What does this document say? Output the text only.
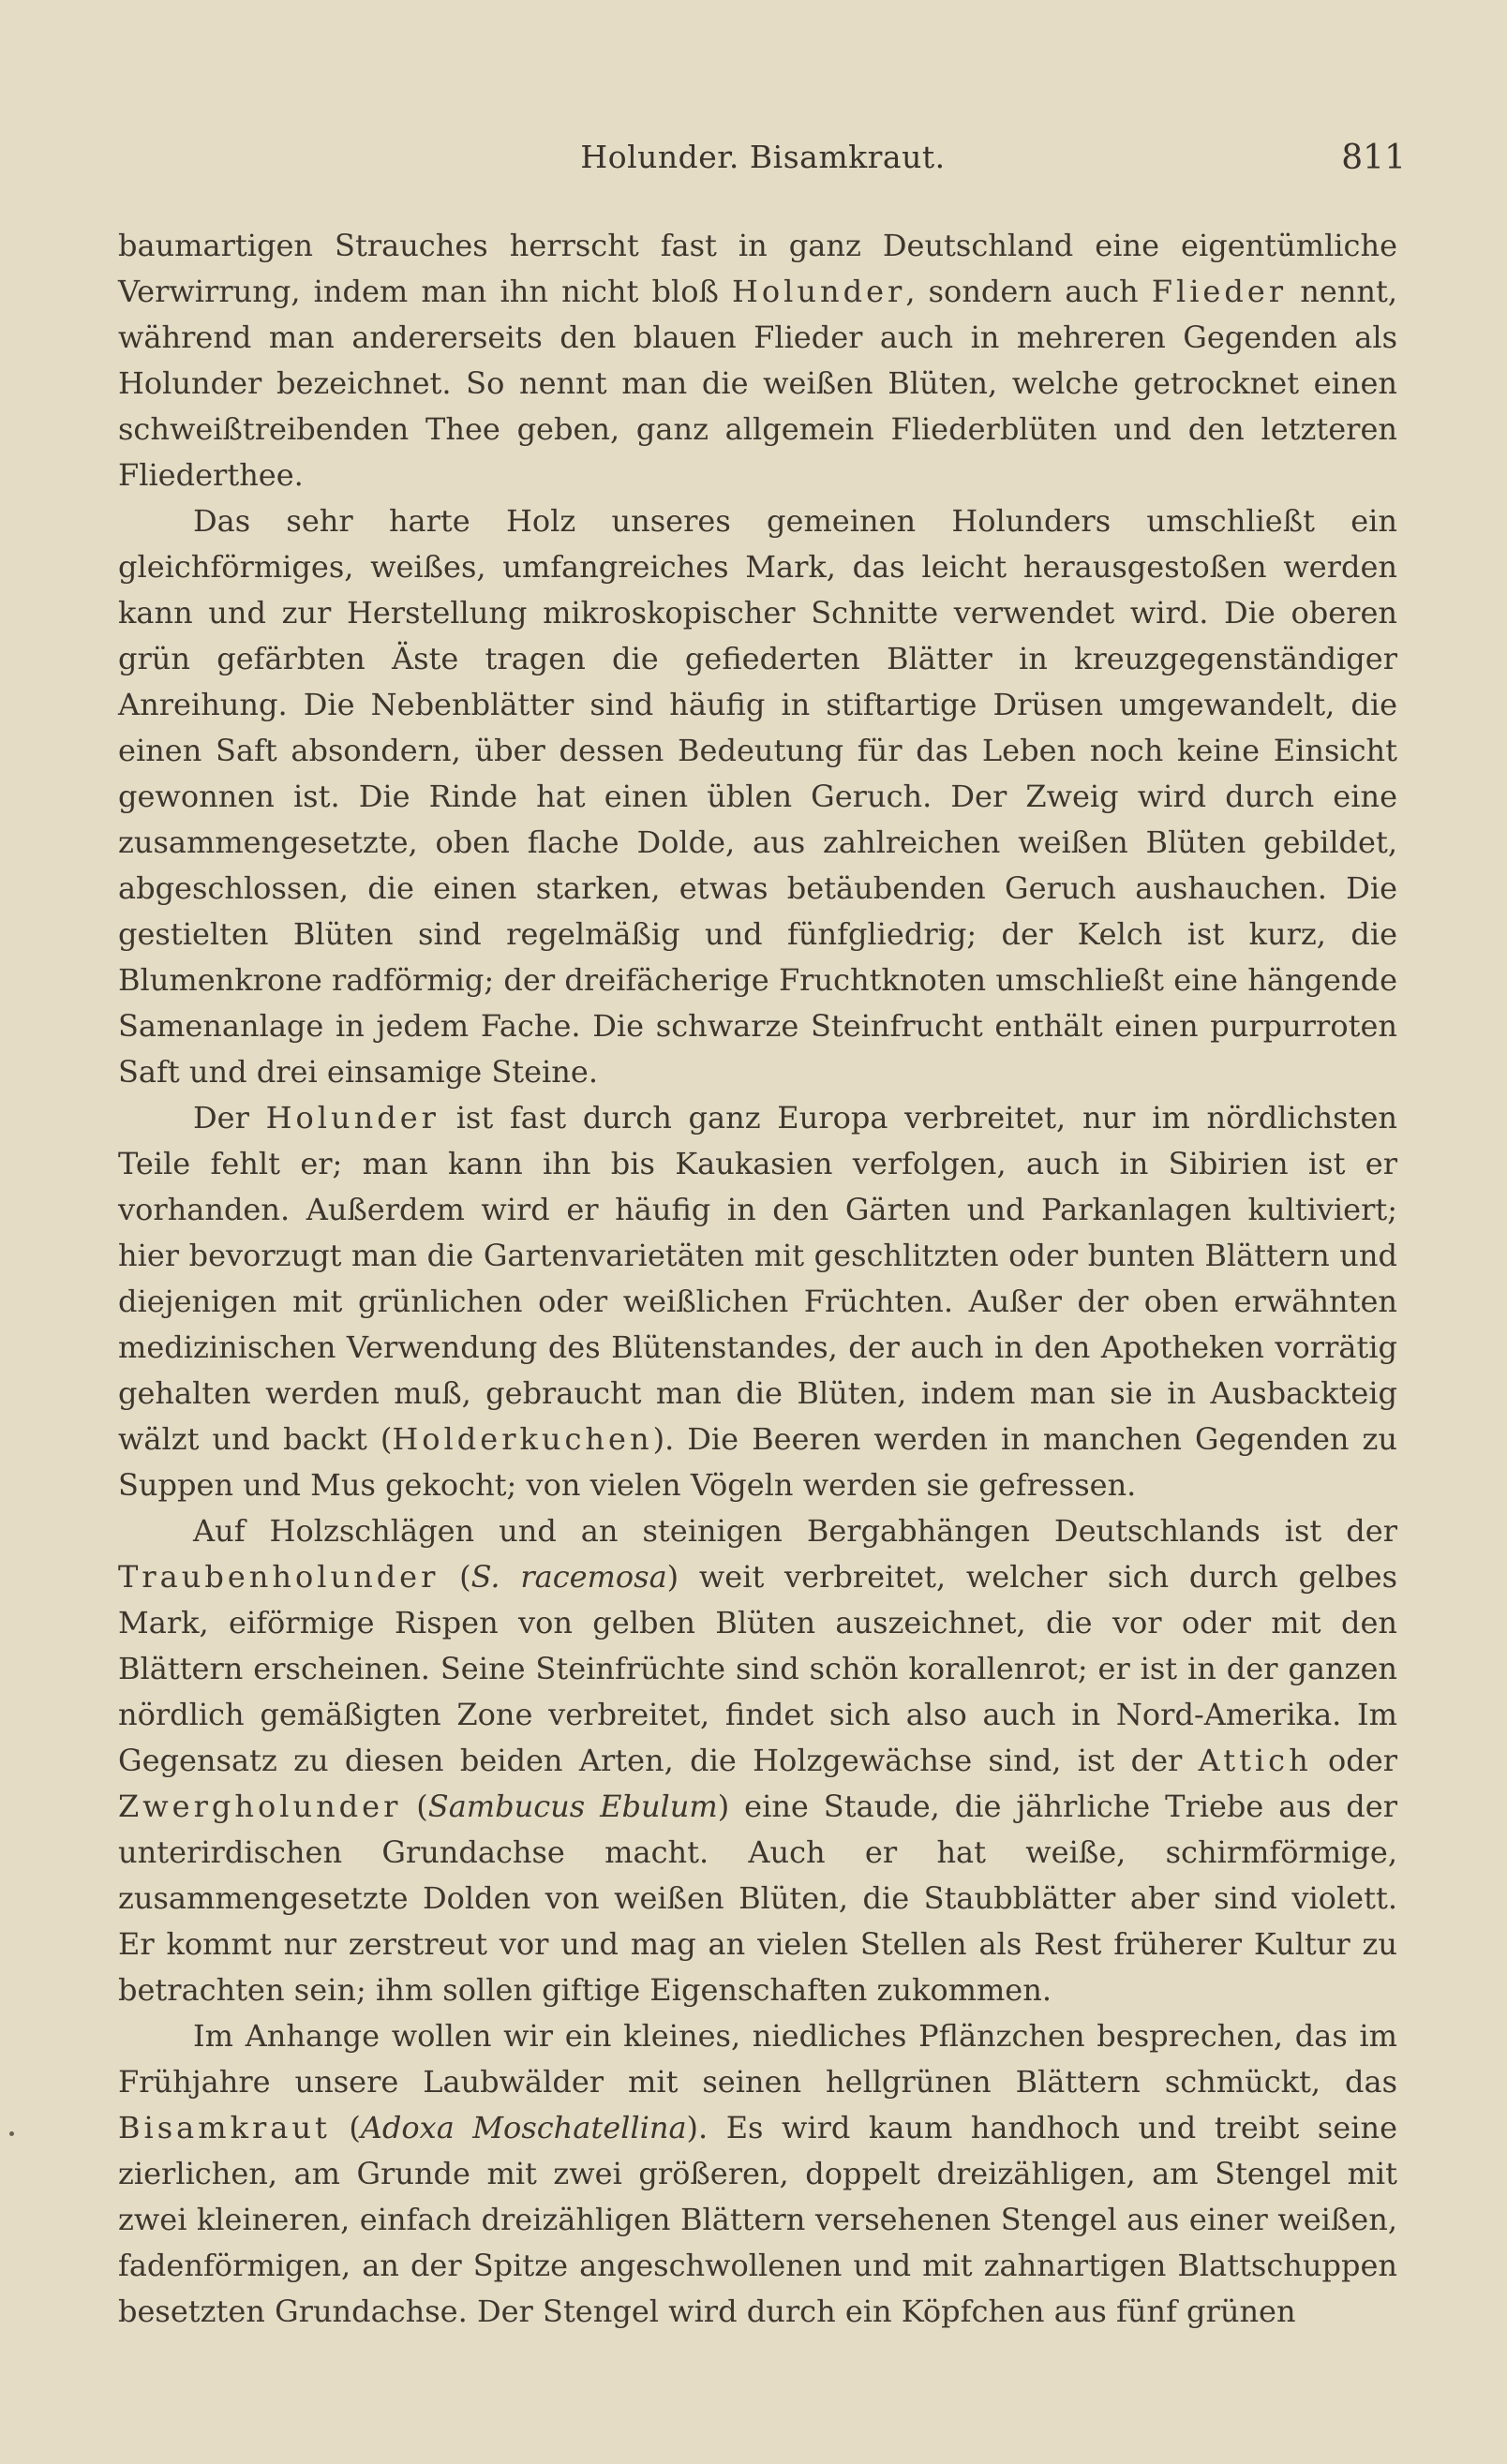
Holunder. Bisamkraut.	811

baumartigen Strauches herrscht fast in ganz Deutschland eine eigentümliche Verwirrung, indem man ihn nicht bloß Holunder, sondern auch Flieder nennt, während man andererseits den blauen Flieder auch in mehreren Gegenden als Holunder bezeichnet. So nennt man die weißen Blüten, welche getrocknet einen schweißtreibenden Thee geben, ganz allgemein Fliederblüten und den letzteren Fliederthee.

Das sehr harte Holz unseres gemeinen Holunders umschließt ein gleichförmiges, weißes, umfangreiches Mark, das leicht herausgestoßen werden kann und zur Herstellung mikroskopischer Schnitte verwendet wird. Die oberen grün gefärbten Äste tragen die gefiederten Blätter in kreuzgegenständiger Anreihung. Die Nebenblätter sind häufig in stiftartige Drüsen umgewandelt, die einen Saft absondern, über dessen Bedeutung für das Leben noch keine Einsicht gewonnen ist. Die Rinde hat einen üblen Geruch. Der Zweig wird durch eine zusammengesetzte, oben flache Dolde, aus zahlreichen weißen Blüten gebildet, abgeschlossen, die einen starken, etwas betäubenden Geruch aushauchen. Die gestielten Blüten sind regelmäßig und fünfgliedrig; der Kelch ist kurz, die Blumenkrone radförmig; der dreifächerige Fruchtknoten umschließt eine hängende Samenanlage in jedem Fache. Die schwarze Steinfrucht enthält einen purpurroten Saft und drei einsamige Steine.

Der Holunder ist fast durch ganz Europa verbreitet, nur im nördlichsten Teile fehlt er; man kann ihn bis Kaukasien verfolgen, auch in Sibirien ist er vorhanden. Außerdem wird er häufig in den Gärten und Parkanlagen kultiviert; hier bevorzugt man die Gartenvarietäten mit geschlitzten oder bunten Blättern und diejenigen mit grünlichen oder weißlichen Früchten. Außer der oben erwähnten medizinischen Verwendung des Blütenstandes, der auch in den Apotheken vorrätig gehalten werden muß, gebraucht man die Blüten, indem man sie in Ausbackteig wälzt und backt (Holderkuchen). Die Beeren werden in manchen Gegenden zu Suppen und Mus gekocht; von vielen Vögeln werden sie gefressen.

Auf Holzschlägen und an steinigen Bergabhängen Deutschlands ist der Traubenholunder (S. racemosa) weit verbreitet, welcher sich durch gelbes Mark, eiförmige Rispen von gelben Blüten auszeichnet, die vor oder mit den Blättern erscheinen. Seine Steinfrüchte sind schön korallenrot; er ist in der ganzen nördlich gemäßigten Zone verbreitet, findet sich also auch in Nord-Amerika. Im Gegensatz zu diesen beiden Arten, die Holzgewächse sind, ist der Attich oder Zwergholunder (Sambucus Ebulum) eine Staude, die jährliche Triebe aus der unterirdischen Grundachse macht. Auch er hat weiße, schirmförmige, zusammengesetzte Dolden von weißen Blüten, die Staubblätter aber sind violett. Er kommt nur zerstreut vor und mag an vielen Stellen als Rest früherer Kultur zu betrachten sein; ihm sollen giftige Eigenschaften zukommen.

Im Anhange wollen wir ein kleines, niedliches Pflänzchen besprechen, das im Frühjahre unsere Laubwälder mit seinen hellgrünen Blättern schmückt, das Bisamkraut (Adoxa Moschatellina). Es wird kaum handhoch und treibt seine zierlichen, am Grunde mit zwei größeren, doppelt dreizähligen, am Stengel mit zwei kleineren, einfach dreizähligen Blättern versehenen Stengel aus einer weißen, fadenförmigen, an der Spitze angeschwollenen und mit zahnartigen Blattschuppen besetzten Grundachse. Der Stengel wird durch ein Köpfchen aus fünf grünen
